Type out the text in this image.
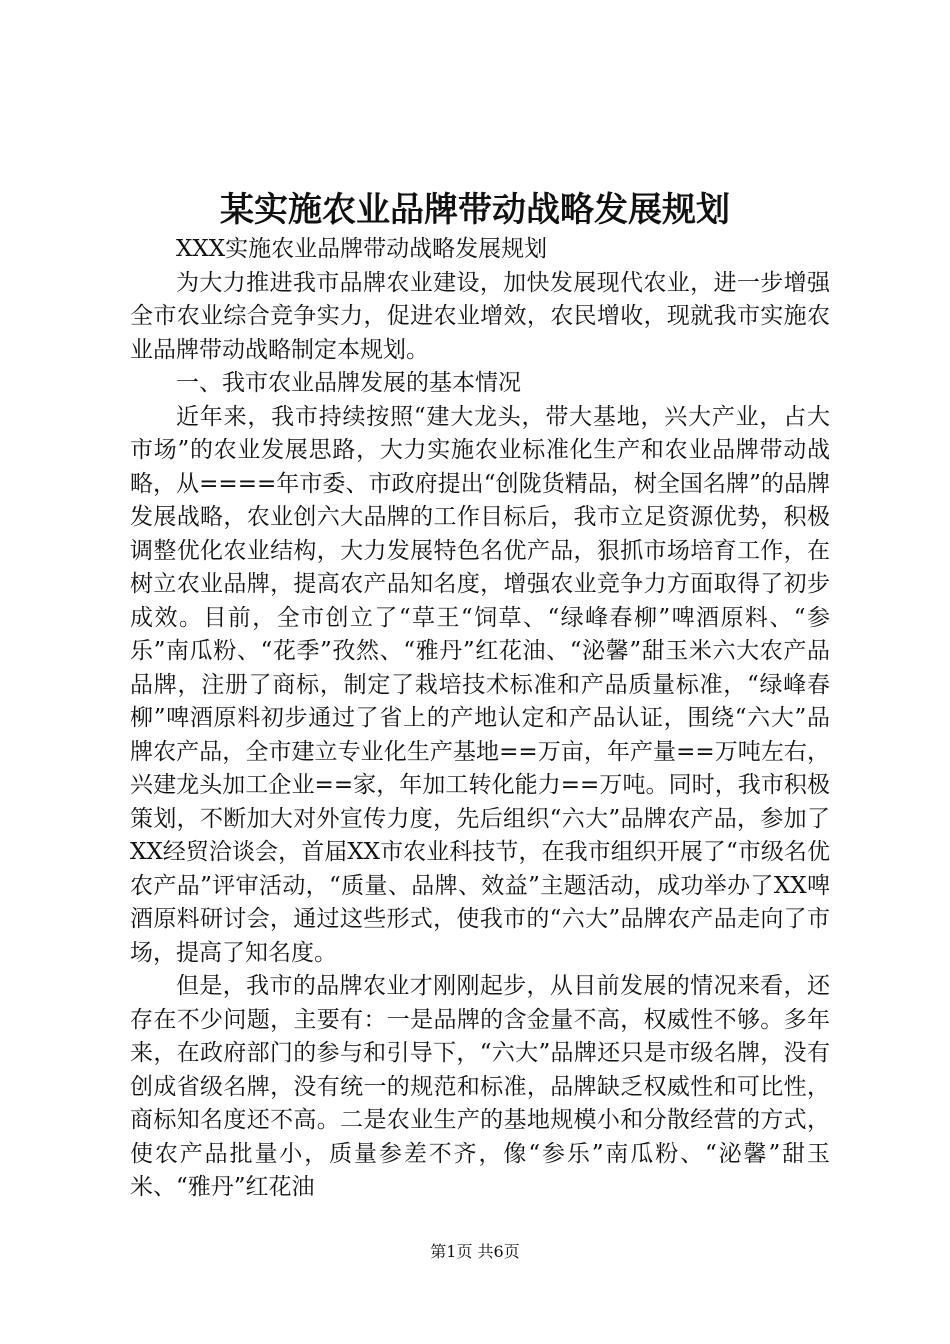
某实施农业品牌带动战略发展规划

XXX实施农业品牌带动战略发展规划

为大力推进我市品牌农业建设，加快发展现代农业，进一步增强全市农业综合竞争实力，促进农业增效，农民增收，现就我市实施农业品牌带动战略制定本规划。

一、我市农业品牌发展的基本情况

近年来，我市持续按照“建大龙头，带大基地，兴大产业，占大市场”的农业发展思路，大力实施农业标准化生产和农业品牌带动战略，从====年市委、市政府提出“创陇货精品，树全国名牌”的品牌发展战略，农业创六大品牌的工作目标后，我市立足资源优势，积极调整优化农业结构，大力发展特色名优产品，狠抓市场培育工作，在树立农业品牌，提高农产品知名度，增强农业竞争力方面取得了初步成效。目前，全市创立了“草王“饲草、“绿峰春柳”啤酒原料、“参乐”南瓜粉、“花季”孜然、“雅丹”红花油、“泌馨”甜玉米六大农产品品牌，注册了商标，制定了栽培技术标准和产品质量标准，“绿峰春柳”啤酒原料初步通过了省上的产地认定和产品认证，围绕“六大”品牌农产品，全市建立专业化生产基地==万亩，年产量==万吨左右，兴建龙头加工企业==家，年加工转化能力==万吨。同时，我市积极策划，不断加大对外宣传力度，先后组织“六大”品牌农产品，参加了XX经贸洽谈会，首届XX市农业科技节，在我市组织开展了“市级名优农产品”评审活动，“质量、品牌、效益”主题活动，成功举办了XX啤酒原料研讨会，通过这些形式，使我市的“六大”品牌农产品走向了市场，提高了知名度。

但是，我市的品牌农业才刚刚起步，从目前发展的情况来看，还存在不少问题，主要有：一是品牌的含金量不高，权威性不够。多年来，在政府部门的参与和引导下，“六大”品牌还只是市级名牌，没有创成省级名牌，没有统一的规范和标准，品牌缺乏权威性和可比性，商标知名度还不高。二是农业生产的基地规模小和分散经营的方式，使农产品批量小，质量参差不齐，像“参乐”南瓜粉、“泌馨”甜玉米、“雅丹”红花油

第1页 共6页
